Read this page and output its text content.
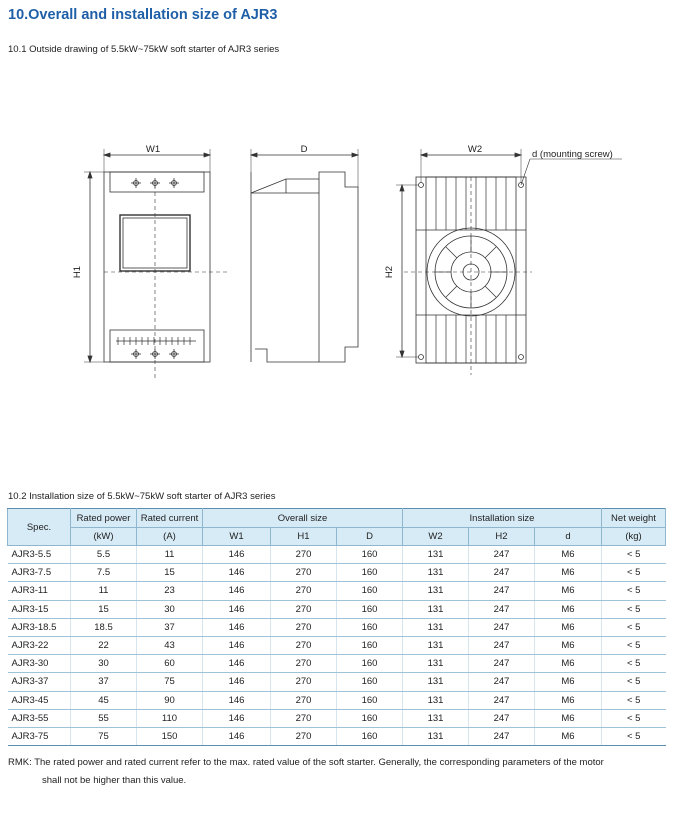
10.Overall and installation size of AJR3
10.1 Outside drawing of 5.5kW~75kW soft starter of AJR3 series
W1	D	W2	d (mounting screw)
H1	H2
10.2 Installation size of 5.5kW~75kW soft starter of AJR3 series
Spec.	Rated power	Rated current	Overall size			Installation size			Net weight
	(kW)	(A)	W1	H1	D	W2	H2	d	(kg)
AJR3-5.5	5.5	11	146	270	160	131	247	M6	< 5
AJR3-7.5	7.5	15	146	270	160	131	247	M6	< 5
AJR3-11	11	23	146	270	160	131	247	M6	< 5
AJR3-15	15	30	146	270	160	131	247	M6	< 5
AJR3-18.5	18.5	37	146	270	160	131	247	M6	< 5
AJR3-22	22	43	146	270	160	131	247	M6	< 5
AJR3-30	30	60	146	270	160	131	247	M6	< 5
AJR3-37	37	75	146	270	160	131	247	M6	< 5
AJR3-45	45	90	146	270	160	131	247	M6	< 5
AJR3-55	55	110	146	270	160	131	247	M6	< 5
AJR3-75	75	150	146	270	160	131	247	M6	< 5
RMK: The rated power and rated current refer to the max. rated value of the soft starter. Generally, the corresponding parameters of the motor
shall not be higher than this value.
